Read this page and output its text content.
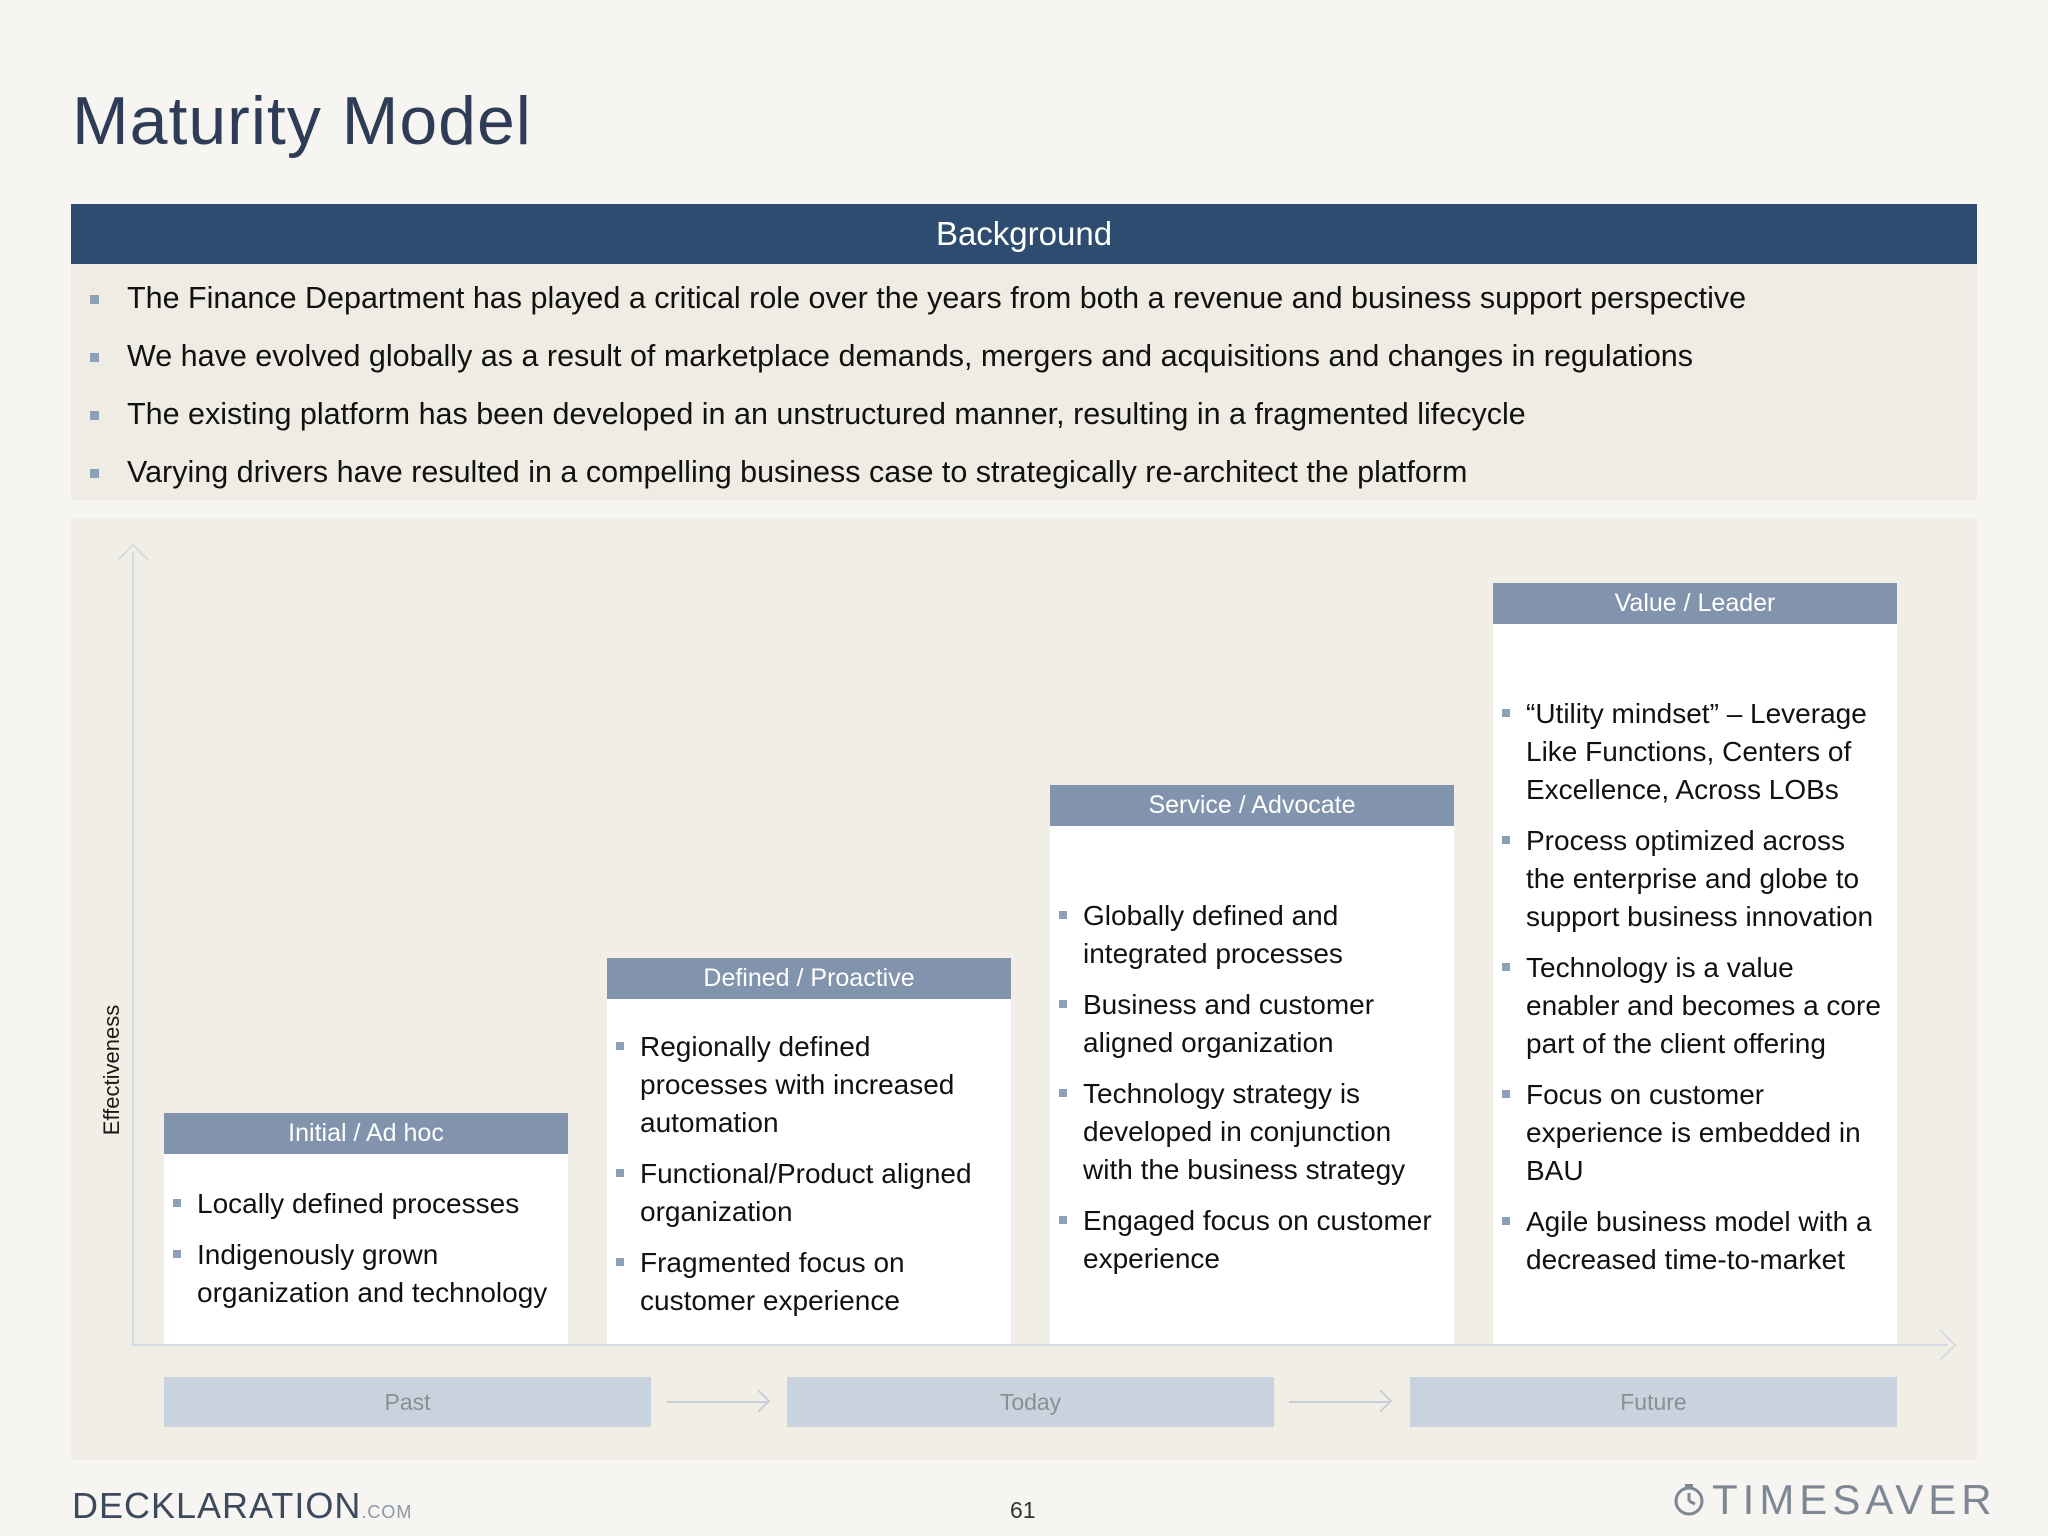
Maturity Model
Background
The Finance Department has played a critical role over the years from both a revenue and business support perspective
We have evolved globally as a result of marketplace demands, mergers and acquisitions and changes in regulations
The existing platform has been developed in an unstructured manner, resulting in a fragmented lifecycle
Varying drivers have resulted in a compelling business case to strategically re-architect the platform
Effectiveness	Initial / Ad hoc
Locally defined processes
Indigenously grown organization and technology
Defined / Proactive
Regionally defined processes with increased automation
Functional/Product aligned organization
Fragmented focus on customer experience
Service / Advocate
Globally defined and integrated processes
Business and customer aligned organization
Technology strategy is developed in conjunction with the business strategy
Engaged focus on customer experience
Value / Leader
“Utility mindset” – Leverage Like Functions, Centers of Excellence, Across LOBs
Process optimized across the enterprise and globe to support business innovation
Technology is a value enabler and becomes a core part of the client offering
Focus on customer experience is embedded in BAU
Agile business model with a decreased time-to-market
Past	Today	Future
DECKLARATION.COM	61	TIMESAVER
